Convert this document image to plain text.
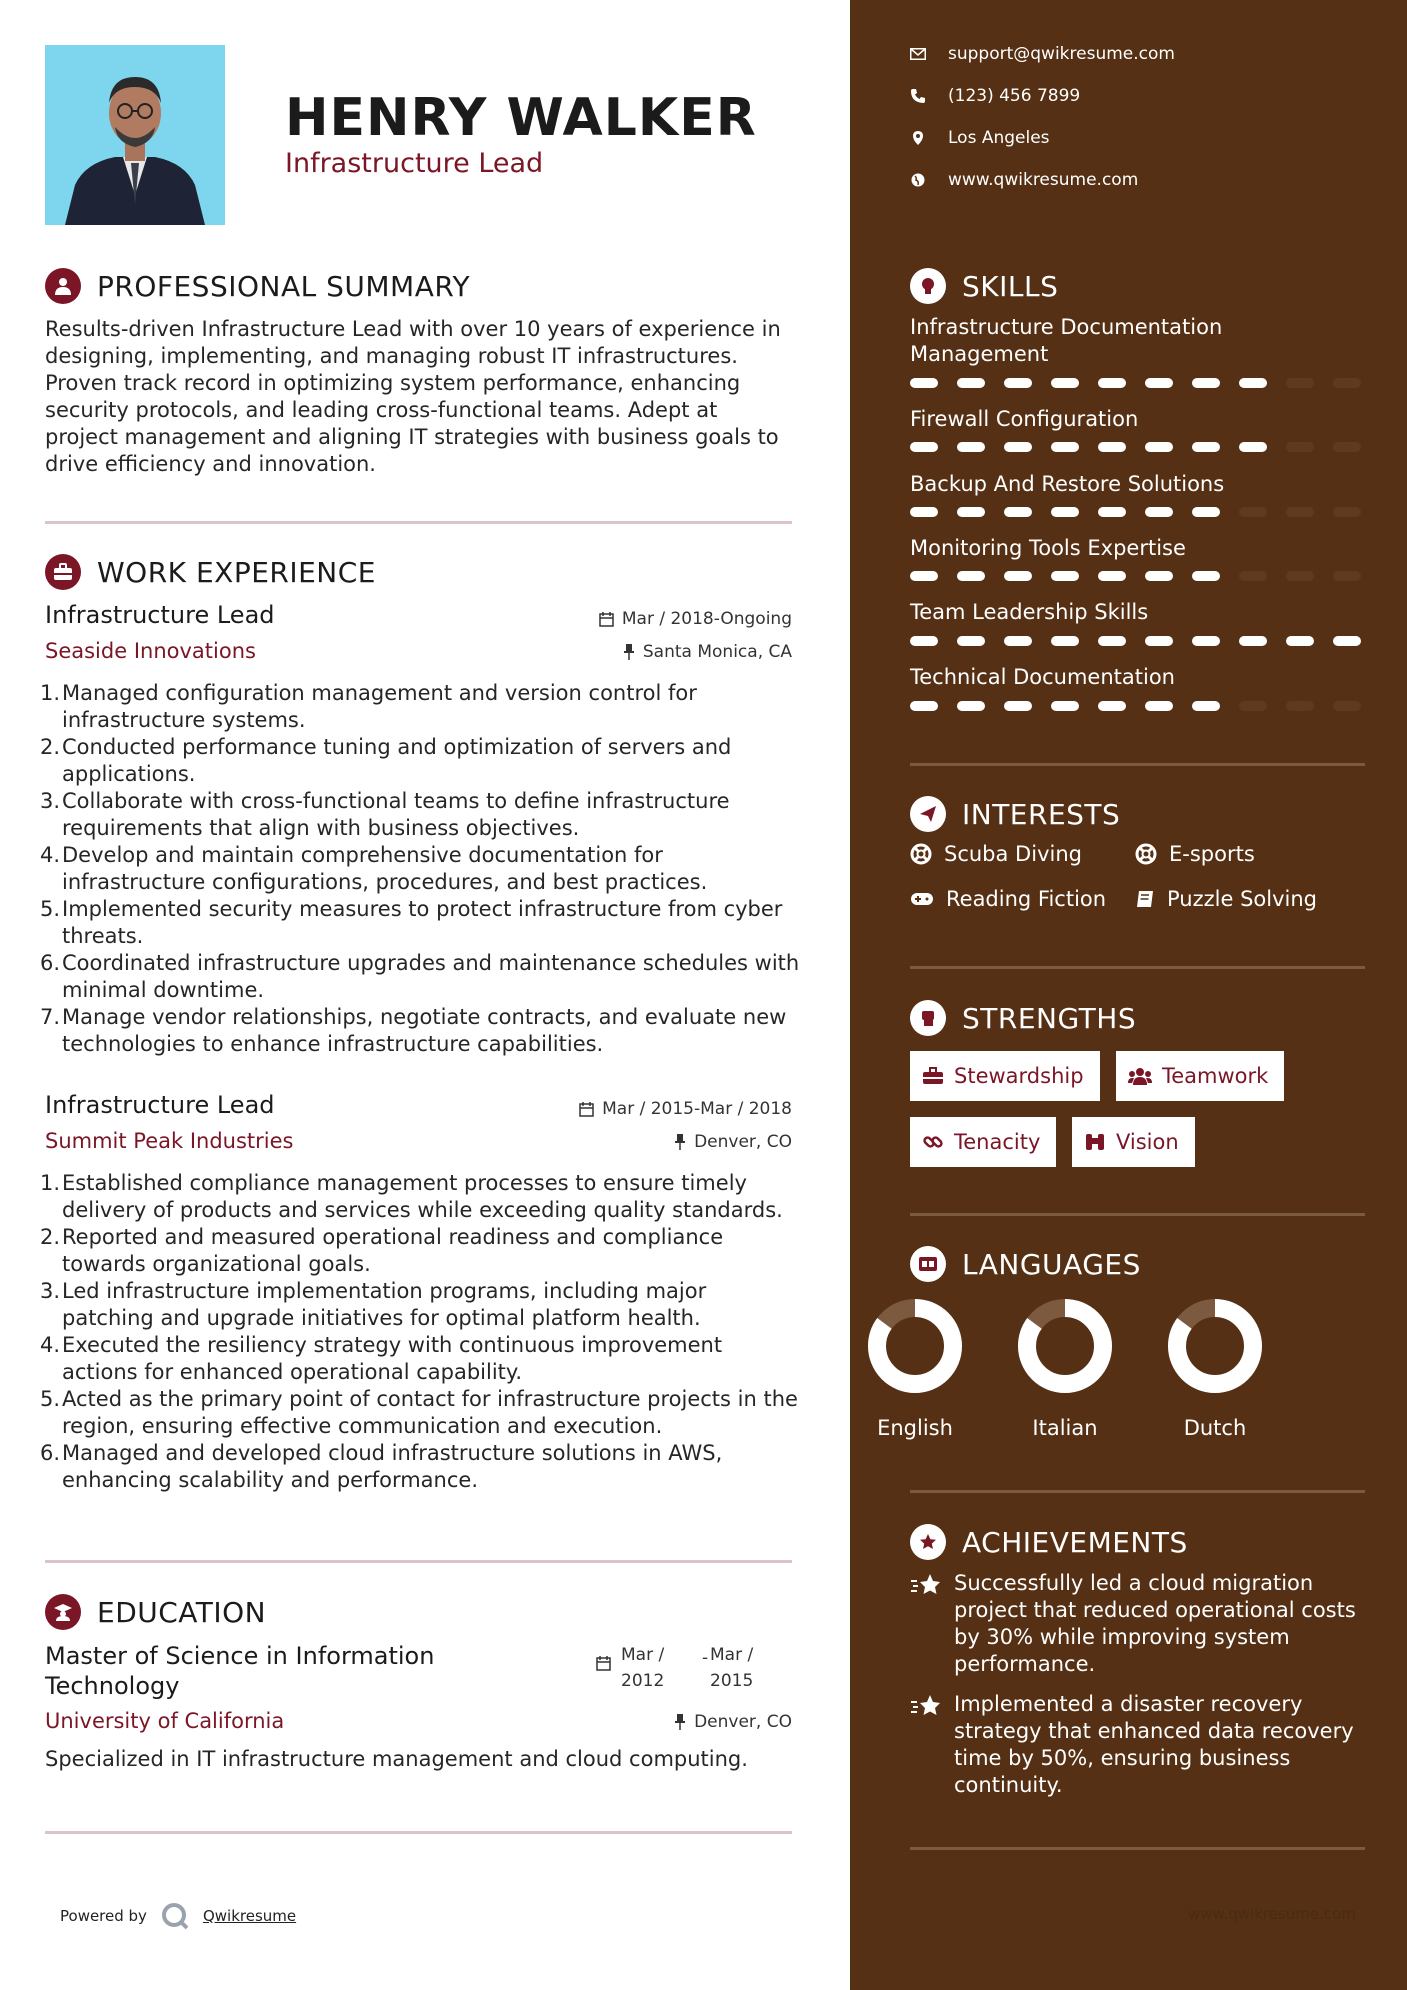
HENRY WALKER
Infrastructure Lead
PROFESSIONAL SUMMARY
Results-driven Infrastructure Lead with over 10 years of experience in designing, implementing, and managing robust IT infrastructures. Proven track record in optimizing system performance, enhancing security protocols, and leading cross-functional teams. Adept at project management and aligning IT strategies with business goals to drive efficiency and innovation.
WORK EXPERIENCE
Infrastructure Lead	Mar / 2018-Ongoing
Seaside Innovations	Santa Monica, CA
1. Managed configuration management and version control for infrastructure systems.
2. Conducted performance tuning and optimization of servers and applications.
3. Collaborate with cross-functional teams to define infrastructure requirements that align with business objectives.
4. Develop and maintain comprehensive documentation for infrastructure configurations, procedures, and best practices.
5. Implemented security measures to protect infrastructure from cyber threats.
6. Coordinated infrastructure upgrades and maintenance schedules with minimal downtime.
7. Manage vendor relationships, negotiate contracts, and evaluate new technologies to enhance infrastructure capabilities.
Infrastructure Lead	Mar / 2015-Mar / 2018
Summit Peak Industries	Denver, CO
1. Established compliance management processes to ensure timely delivery of products and services while exceeding quality standards.
2. Reported and measured operational readiness and compliance towards organizational goals.
3. Led infrastructure implementation programs, including major patching and upgrade initiatives for optimal platform health.
4. Executed the resiliency strategy with continuous improvement actions for enhanced operational capability.
5. Acted as the primary point of contact for infrastructure projects in the region, ensuring effective communication and execution.
6. Managed and developed cloud infrastructure solutions in AWS, enhancing scalability and performance.
EDUCATION
Master of Science in Information Technology
Mar /
2012
- Mar /
2015
University of California	Denver, CO
Specialized in IT infrastructure management and cloud computing.
Powered by	Qwikresume
support@qwikresume.com
(123) 456 7899
Los Angeles
www.qwikresume.com
SKILLS
Infrastructure Documentation Management
Firewall Configuration
Backup And Restore Solutions
Monitoring Tools Expertise
Team Leadership Skills
Technical Documentation
INTERESTS
Scuba Diving	E-sports
Reading Fiction	Puzzle Solving
STRENGTHS
Stewardship	Teamwork
Tenacity	Vision
LANGUAGES
English	Italian	Dutch
ACHIEVEMENTS
Successfully led a cloud migration project that reduced operational costs by 30% while improving system performance.
Implemented a disaster recovery strategy that enhanced data recovery time by 50%, ensuring business continuity.
www.qwikresume.com
